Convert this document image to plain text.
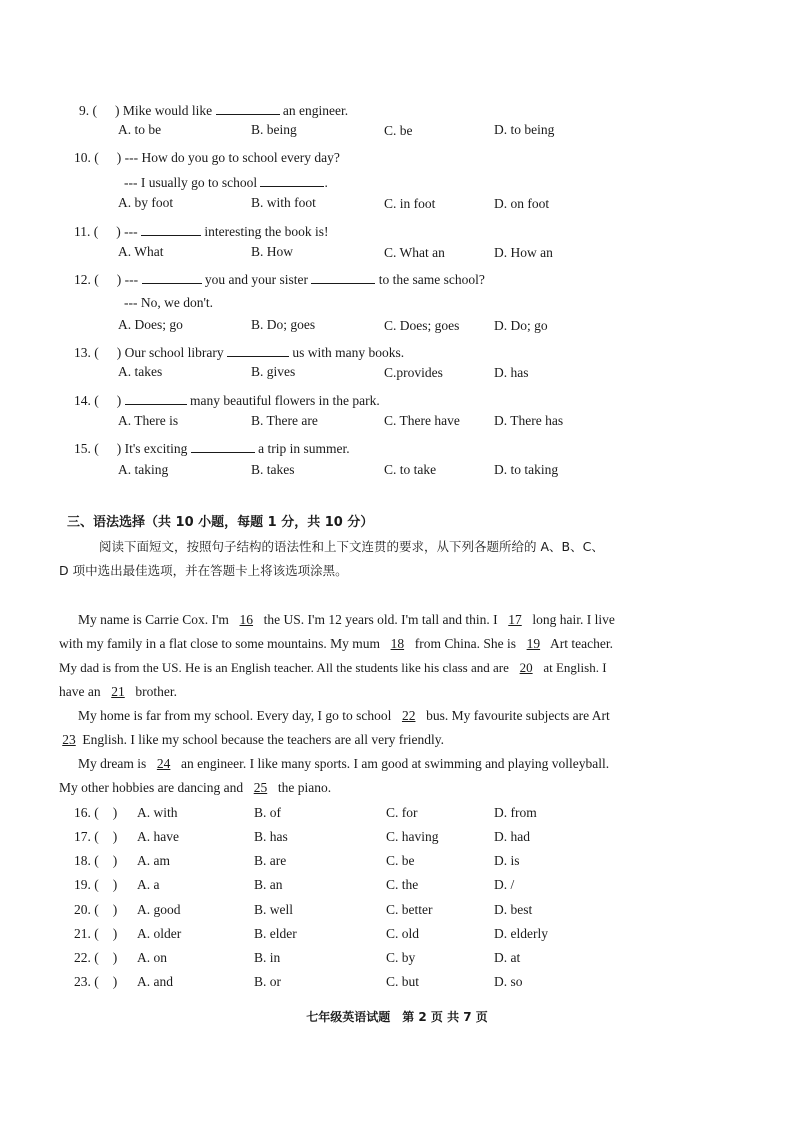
9. ( ) Mike would like	an engineer.
A. to be	B. being	C. be	D. to being
10. ( ) --- How do you go to school every day?
--- I usually go to school	.
A. by foot	B. with foot	C. in foot	D. on foot
11. ( ) ---	interesting the book is!
A. What	B. How	C. What an	D. How an
12. ( ) ---	you and your sister	to the same school?
--- No, we don't.
A. Does; go	B. Do; goes	C. Does; goes	D. Do; go
13. ( ) Our school library	us with many books.
A. takes	B. gives	C.provides	D. has
14. ( )	many beautiful flowers in the park.
A. There is	B. There are	C. There have	D. There has
15. ( ) It's exciting	a trip in summer.
A. taking	B. takes	C. to take	D. to taking
三、语法选择（共 10 小题，每题 1 分，共 10 分）
阅读下面短文，按照句子结构的语法性和上下文连贯的要求，从下列各题所给的 A、B、C、
D 项中选出最佳选项，并在答题卡上将该选项涂黑。
My name is Carrie Cox. I'm 16 the US. I'm 12 years old. I'm tall and thin. I 17 long hair. I live
with my family in a flat close to some mountains. My mum 18 from China. She is 19 Art teacher.
My dad is from the US. He is an English teacher. All the students like his class and are 20 at English. I
have an 21 brother.
My home is far from my school. Every day, I go to school 22 bus. My favourite subjects are Art
23 English. I like my school because the teachers are all very friendly.
My dream is 24 an engineer. I like many sports. I am good at swimming and playing volleyball.
My other hobbies are dancing and 25 the piano.
16. ( ) A. with	B. of	C. for	D. from
17. ( ) A. have	B. has	C. having	D. had
18. ( ) A. am	B. are	C. be	D. is
19. ( ) A. a	B. an	C. the	D. /
20. ( ) A. good	B. well	C. better	D. best
21. ( ) A. older	B. elder	C. old	D. elderly
22. ( ) A. on	B. in	C. by	D. at
23. ( ) A. and	B. or	C. but	D. so
七年级英语试题　第 2 页 共 7 页
